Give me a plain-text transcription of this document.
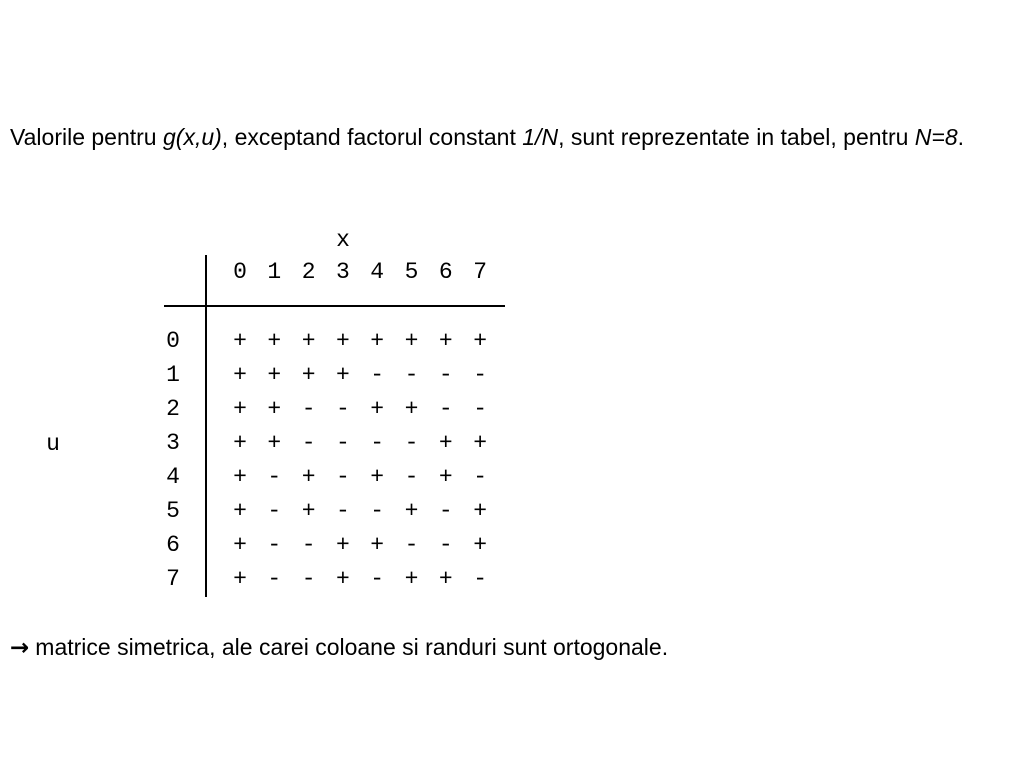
Valorile pentru g(x,u), exceptand factorul constant 1/N, sunt reprezentate in tabel, pentru N=8.

x
u
0 1 2 3 4 5 6 7
0
1
2
3
4
5
6
7
+ + + + + + + +
+ + + + - - - -
+ + - - + + - -
+ + - - - - + +
+ - + - + - + -
+ - + - - + - +
+ - - + + - - +
+ - - + - + + -
→ matrice simetrica, ale carei coloane si randuri sunt ortogonale.
